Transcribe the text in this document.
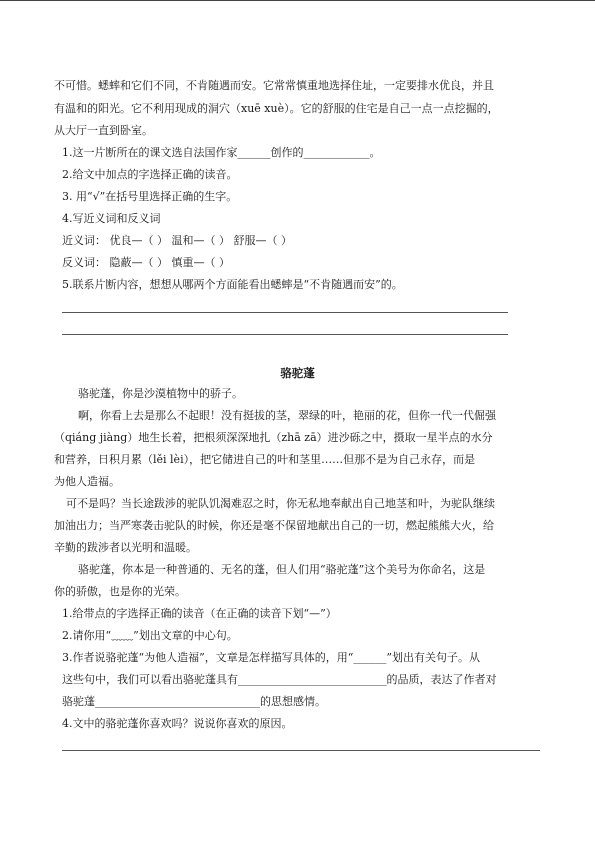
不可惜。蟋蟀和它们不同，不肯随遇而安。它常常慎重地选择住址，一定要排水优良，并且
有温和的阳光。它不利用现成的洞穴（xuē xuè）。它的舒服的住宅是自己一点一点挖掘的，
从大厅一直到卧室。
1.这一片断所在的课文选自法国作家______创作的____________。
2.给文中加点的字选择正确的读音。
3. 用“√”在括号里选择正确的生字。
4.写近义词和反义词
近义词： 优良—（ ） 温和—（ ） 舒服—（ ）
反义词： 隐蔽—（ ） 慎重—（ ）
5.联系片断内容，想想从哪两个方面能看出蟋蟀是“不肯随遇而安”的。
骆驼蓬
骆驼蓬，你是沙漠植物中的骄子。
啊，你看上去是那么不起眼！没有挺拔的茎，翠绿的叶，艳丽的花，但你一代一代倔强
（qiáng jiàng）地生长着，把根须深深地扎（zhā zā）进沙砾之中，摄取一星半点的水分
和营养，日积月累（lěi lèi），把它储进自己的叶和茎里……但那不是为自己永存，而是
为他人造福。
可不是吗？当长途跋涉的驼队饥渴难忍之时，你无私地奉献出自己地茎和叶，为驼队继续
加油出力；当严寒袭击驼队的时候，你还是毫不保留地献出自己的一切，燃起熊熊大火，给
辛勤的跋涉者以光明和温暖。
骆驼蓬，你本是一种普通的、无名的蓬，但人们用“骆驼蓬”这个美号为你命名，这是
你的骄傲，也是你的光荣。
1.给带点的字选择正确的读音（在正确的读音下划“—”）
2.请你用“﹏﹏”划出文章的中心句。
3.作者说骆驼蓬“为他人造福”，文章是怎样描写具体的，用“______”划出有关句子。从
这些句中，我们可以看出骆驼蓬具有___________________________的品质，表达了作者对
骆驼蓬______________________________的思想感情。
4.文中的骆驼蓬你喜欢吗？说说你喜欢的原因。
